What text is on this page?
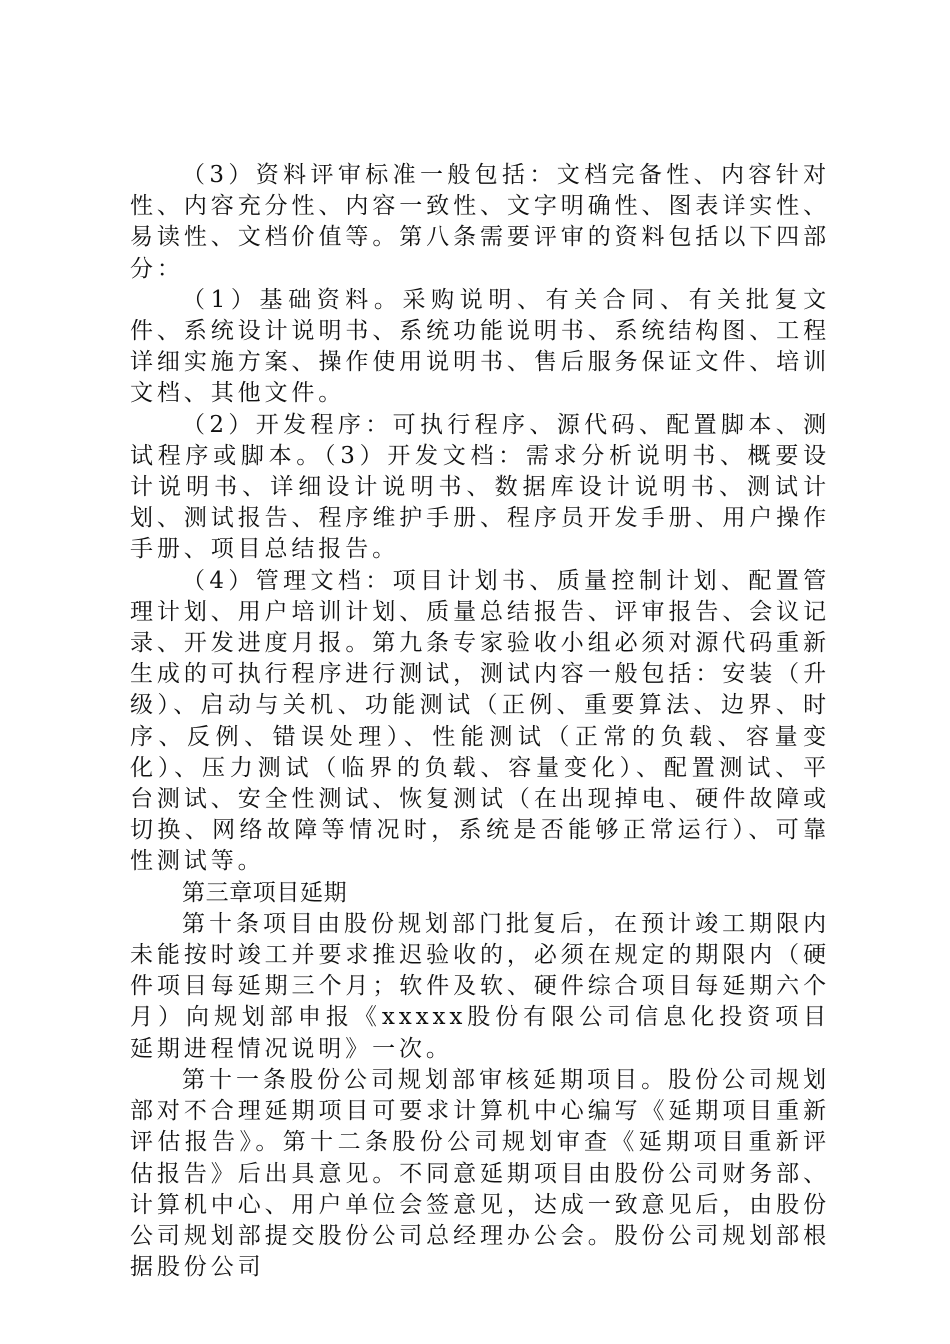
（3）资料评审标准一般包括：文档完备性、内容针对性、内容充分性、内容一致性、文字明确性、图表详实性、易读性、文档价值等。第八条需要评审的资料包括以下四部分：

（1）基础资料。采购说明、有关合同、有关批复文件、系统设计说明书、系统功能说明书、系统结构图、工程详细实施方案、操作使用说明书、售后服务保证文件、培训文档、其他文件。

（2）开发程序：可执行程序、源代码、配置脚本、测试程序或脚本。（3）开发文档：需求分析说明书、概要设计说明书、详细设计说明书、数据库设计说明书、测试计划、测试报告、程序维护手册、程序员开发手册、用户操作手册、项目总结报告。

（4）管理文档：项目计划书、质量控制计划、配置管理计划、用户培训计划、质量总结报告、评审报告、会议记录、开发进度月报。第九条专家验收小组必须对源代码重新生成的可执行程序进行测试，测试内容一般包括：安装（升级）、启动与关机、功能测试（正例、重要算法、边界、时序、反例、错误处理）、性能测试（正常的负载、容量变化）、压力测试（临界的负载、容量变化）、配置测试、平台测试、安全性测试、恢复测试（在出现掉电、硬件故障或切换、网络故障等情况时，系统是否能够正常运行）、可靠性测试等。

第三章项目延期

第十条项目由股份规划部门批复后，在预计竣工期限内未能按时竣工并要求推迟验收的，必须在规定的期限内（硬件项目每延期三个月；软件及软、硬件综合项目每延期六个月）向规划部申报《xxxxx股份有限公司信息化投资项目延期进程情况说明》一次。

第十一条股份公司规划部审核延期项目。股份公司规划部对不合理延期项目可要求计算机中心编写《延期项目重新评估报告》。第十二条股份公司规划审查《延期项目重新评估报告》后出具意见。不同意延期项目由股份公司财务部、计算机中心、用户单位会签意见，达成一致意见后，由股份公司规划部提交股份公司总经理办公会。股份公司规划部根据股份公司
